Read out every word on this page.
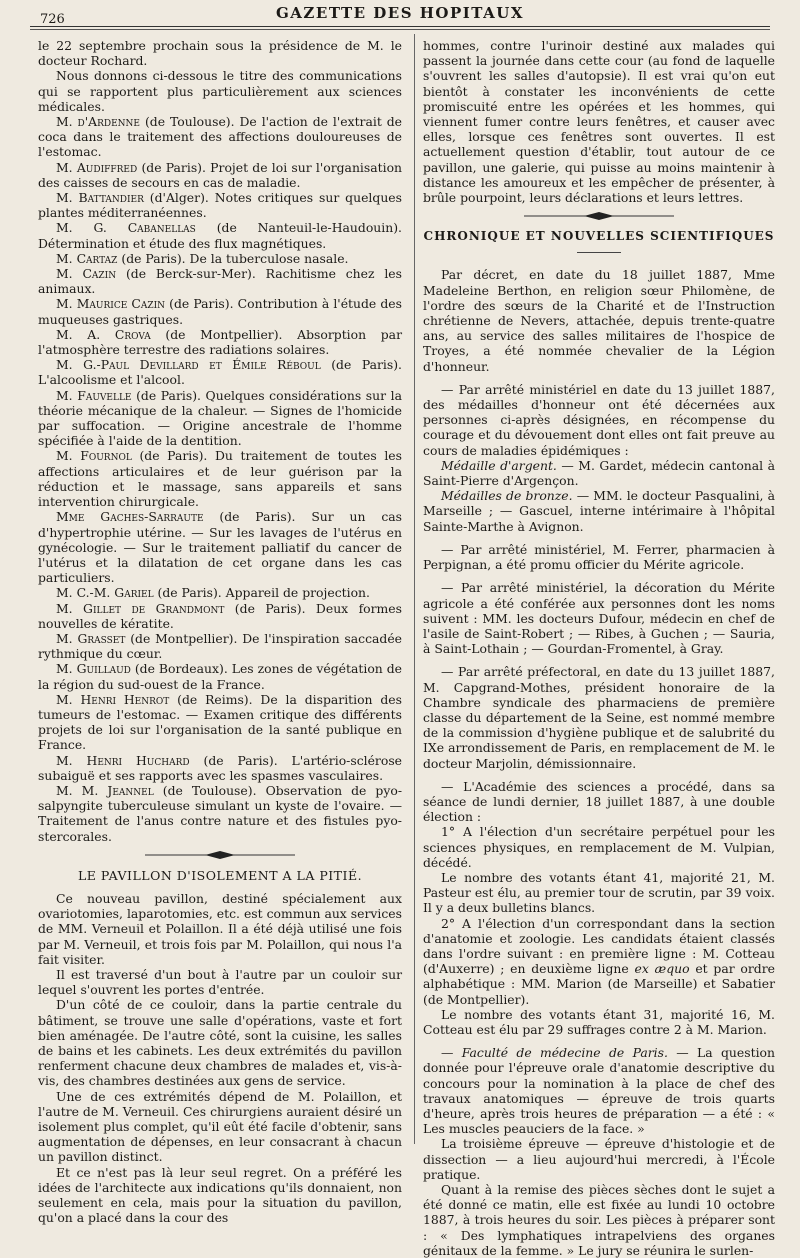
726	GAZETTE DES HOPITAUX

le 22 septembre prochain sous la présidence de M. le docteur Rochard.

Nous donnons ci-dessous le titre des communications qui se rapportent plus particulièrement aux sciences médicales.

M. d'Ardenne (de Toulouse). De l'action de l'extrait de coca dans le traitement des affections douloureuses de l'estomac.

M. Audiffred (de Paris). Projet de loi sur l'organisation des caisses de secours en cas de maladie.

M. Battandier (d'Alger). Notes critiques sur quelques plantes méditerranéennes.

M. G. Cabanellas (de Nanteuil-le-Haudouin). Détermination et étude des flux magnétiques.

M. Cartaz (de Paris). De la tuberculose nasale.

M. Cazin (de Berck-sur-Mer). Rachitisme chez les animaux.

M. Maurice Cazin (de Paris). Contribution à l'étude des muqueuses gastriques.

M. A. Crova (de Montpellier). Absorption par l'atmosphère terrestre des radiations solaires.

M. G.-Paul Devillard et Émile Réboul (de Paris). L'alcoolisme et l'alcool.

M. Fauvelle (de Paris). Quelques considérations sur la théorie mécanique de la chaleur. — Signes de l'homicide par suffocation. — Origine ancestrale de l'homme spécifiée à l'aide de la dentition.

M. Fournol (de Paris). Du traitement de toutes les affections articulaires et de leur guérison par la réduction et le massage, sans appareils et sans intervention chirurgicale.

Mme Gaches-Sarraute (de Paris). Sur un cas d'hypertrophie utérine. — Sur les lavages de l'utérus en gynécologie. — Sur le traitement palliatif du cancer de l'utérus et la dilatation de cet organe dans les cas particuliers.

M. C.-M. Gariel (de Paris). Appareil de projection.

M. Gillet de Grandmont (de Paris). Deux formes nouvelles de kératite.

M. Grasset (de Montpellier). De l'inspiration saccadée rythmique du cœur.

M. Guillaud (de Bordeaux). Les zones de végétation de la région du sud-ouest de la France.

M. Henri Henrot (de Reims). De la disparition des tumeurs de l'estomac. — Examen critique des différents projets de loi sur l'organisation de la santé publique en France.

M. Henri Huchard (de Paris). L'artério-sclérose subaiguë et ses rapports avec les spasmes vasculaires.

M. M. Jeannel (de Toulouse). Observation de pyo-salpyngite tuberculeuse simulant un kyste de l'ovaire. — Traitement de l'anus contre nature et des fistules pyo-stercorales.

LE PAVILLON D'ISOLEMENT A LA PITIÉ.

Ce nouveau pavillon, destiné spécialement aux ovariotomies, laparotomies, etc. est commun aux services de MM. Verneuil et Polaillon. Il a été déjà utilisé une fois par M. Verneuil, et trois fois par M. Polaillon, qui nous l'a fait visiter.

Il est traversé d'un bout à l'autre par un couloir sur lequel s'ouvrent les portes d'entrée.

D'un côté de ce couloir, dans la partie centrale du bâtiment, se trouve une salle d'opérations, vaste et fort bien aménagée. De l'autre côté, sont la cuisine, les salles de bains et les cabinets. Les deux extrémités du pavillon renferment chacune deux chambres de malades et, vis-à-vis, des chambres destinées aux gens de service.

Une de ces extrémités dépend de M. Polaillon, et l'autre de M. Verneuil. Ces chirurgiens auraient désiré un isolement plus complet, qu'il eût été facile d'obtenir, sans augmentation de dépenses, en leur consacrant à chacun un pavillon distinct.

Et ce n'est pas là leur seul regret. On a préféré les idées de l'architecte aux indications qu'ils donnaient, non seulement en cela, mais pour la situation du pavillon, qu'on a placé dans la cour des

hommes, contre l'urinoir destiné aux malades qui passent la journée dans cette cour (au fond de laquelle s'ouvrent les salles d'autopsie). Il est vrai qu'on eut bientôt à constater les inconvénients de cette promiscuité entre les opérées et les hommes, qui viennent fumer contre leurs fenêtres, et causer avec elles, lorsque ces fenêtres sont ouvertes. Il est actuellement question d'établir, tout autour de ce pavillon, une galerie, qui puisse au moins maintenir à distance les amoureux et les empêcher de présenter, à brûle pourpoint, leurs déclarations et leurs lettres.

CHRONIQUE ET NOUVELLES SCIENTIFIQUES

Par décret, en date du 18 juillet 1887, Mme Madeleine Berthon, en religion sœur Philomène, de l'ordre des sœurs de la Charité et de l'Instruction chrétienne de Nevers, attachée, depuis trente-quatre ans, au service des salles militaires de l'hospice de Troyes, a été nommée chevalier de la Légion d'honneur.

— Par arrêté ministériel en date du 13 juillet 1887, des médailles d'honneur ont été décernées aux personnes ci-après désignées, en récompense du courage et du dévouement dont elles ont fait preuve au cours de maladies épidémiques :

Médaille d'argent. — M. Gardet, médecin cantonal à Saint-Pierre d'Argençon.

Médailles de bronze. — MM. le docteur Pasqualini, à Marseille ; — Gascuel, interne intérimaire à l'hôpital Sainte-Marthe à Avignon.

— Par arrêté ministériel, M. Ferrer, pharmacien à Perpignan, a été promu officier du Mérite agricole.

— Par arrêté ministériel, la décoration du Mérite agricole a été conférée aux personnes dont les noms suivent : MM. les docteurs Dufour, médecin en chef de l'asile de Saint-Robert ; — Ribes, à Guchen ; — Sauria, à Saint-Lothain ; — Gourdan-Fromentel, à Gray.

— Par arrêté préfectoral, en date du 13 juillet 1887, M. Capgrand-Mothes, président honoraire de la Chambre syndicale des pharmaciens de première classe du département de la Seine, est nommé membre de la commission d'hygiène publique et de salubrité du IXe arrondissement de Paris, en remplacement de M. le docteur Marjolin, démissionnaire.

— L'Académie des sciences a procédé, dans sa séance de lundi dernier, 18 juillet 1887, à une double élection :

1° A l'élection d'un secrétaire perpétuel pour les sciences physiques, en remplacement de M. Vulpian, décédé.

Le nombre des votants étant 41, majorité 21, M. Pasteur est élu, au premier tour de scrutin, par 39 voix. Il y a deux bulletins blancs.

2° A l'élection d'un correspondant dans la section d'anatomie et zoologie. Les candidats étaient classés dans l'ordre suivant : en première ligne : M. Cotteau (d'Auxerre) ; en deuxième ligne ex æquo et par ordre alphabétique : MM. Marion (de Marseille) et Sabatier (de Montpellier).

Le nombre des votants étant 31, majorité 16, M. Cotteau est élu par 29 suffrages contre 2 à M. Marion.

— Faculté de médecine de Paris. — La question donnée pour l'épreuve orale d'anatomie descriptive du concours pour la nomination à la place de chef des travaux anatomiques — épreuve de trois quarts d'heure, après trois heures de préparation — a été : « Les muscles peauciers de la face. »

La troisième épreuve — épreuve d'histologie et de dissection — a lieu aujourd'hui mercredi, à l'École pratique.

Quant à la remise des pièces sèches dont le sujet a été donné ce matin, elle est fixée au lundi 10 octobre 1887, à trois heures du soir. Les pièces à préparer sont : « Des lymphatiques intrapelviens des organes génitaux de la femme. » Le jury se réunira le surlen-
